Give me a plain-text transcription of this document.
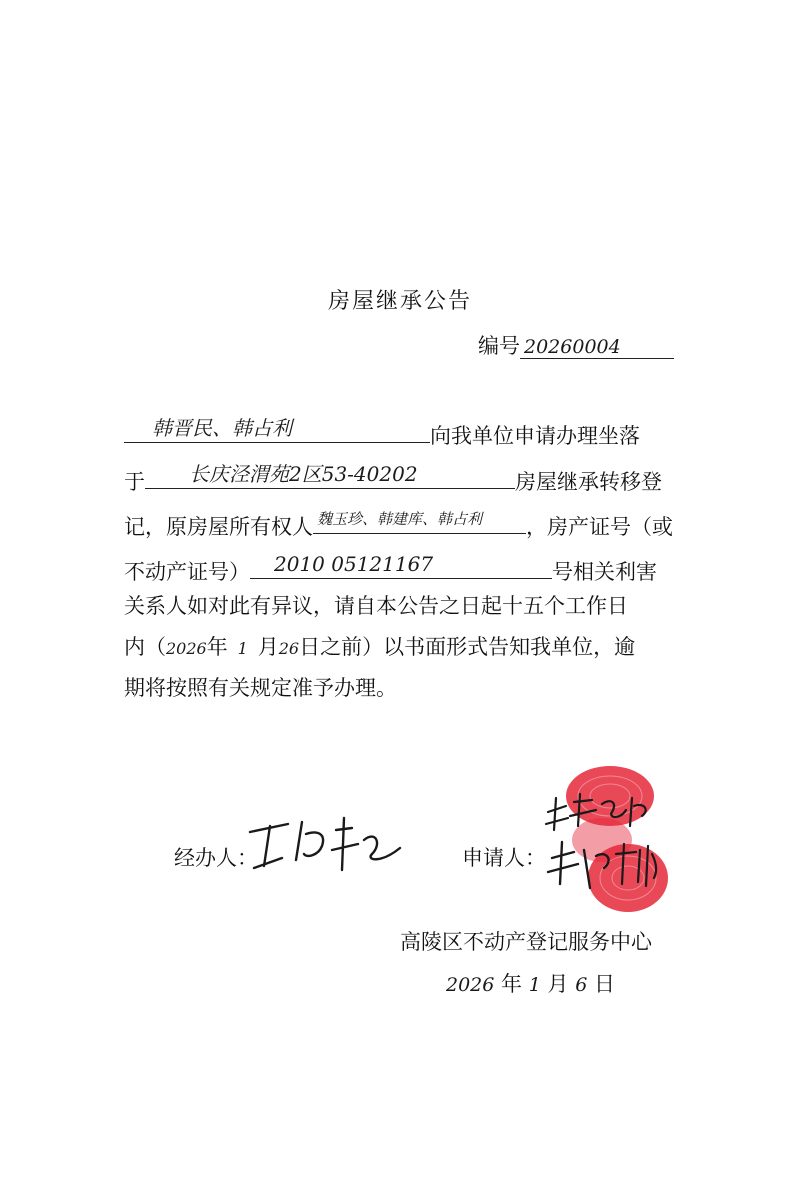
房屋继承公告
编号 20260004
韩晋民、韩占利	向我单位申请办理坐落
于 长庆泾渭苑2区53-40202	房屋继承转移登
记，原房屋所有权人 魏玉珍、韩建库、韩占利 ，房产证号（或
不动产证号） 2010 05121167	号相关利害
关系人如对此有异议，请自本公告之日起十五个工作日
内（2026年 1 月26日之前）以书面形式告知我单位，逾
期将按照有关规定准予办理。
经办人：	申请人：
高陵区不动产登记服务中心
2026 年 1 月 6 日
